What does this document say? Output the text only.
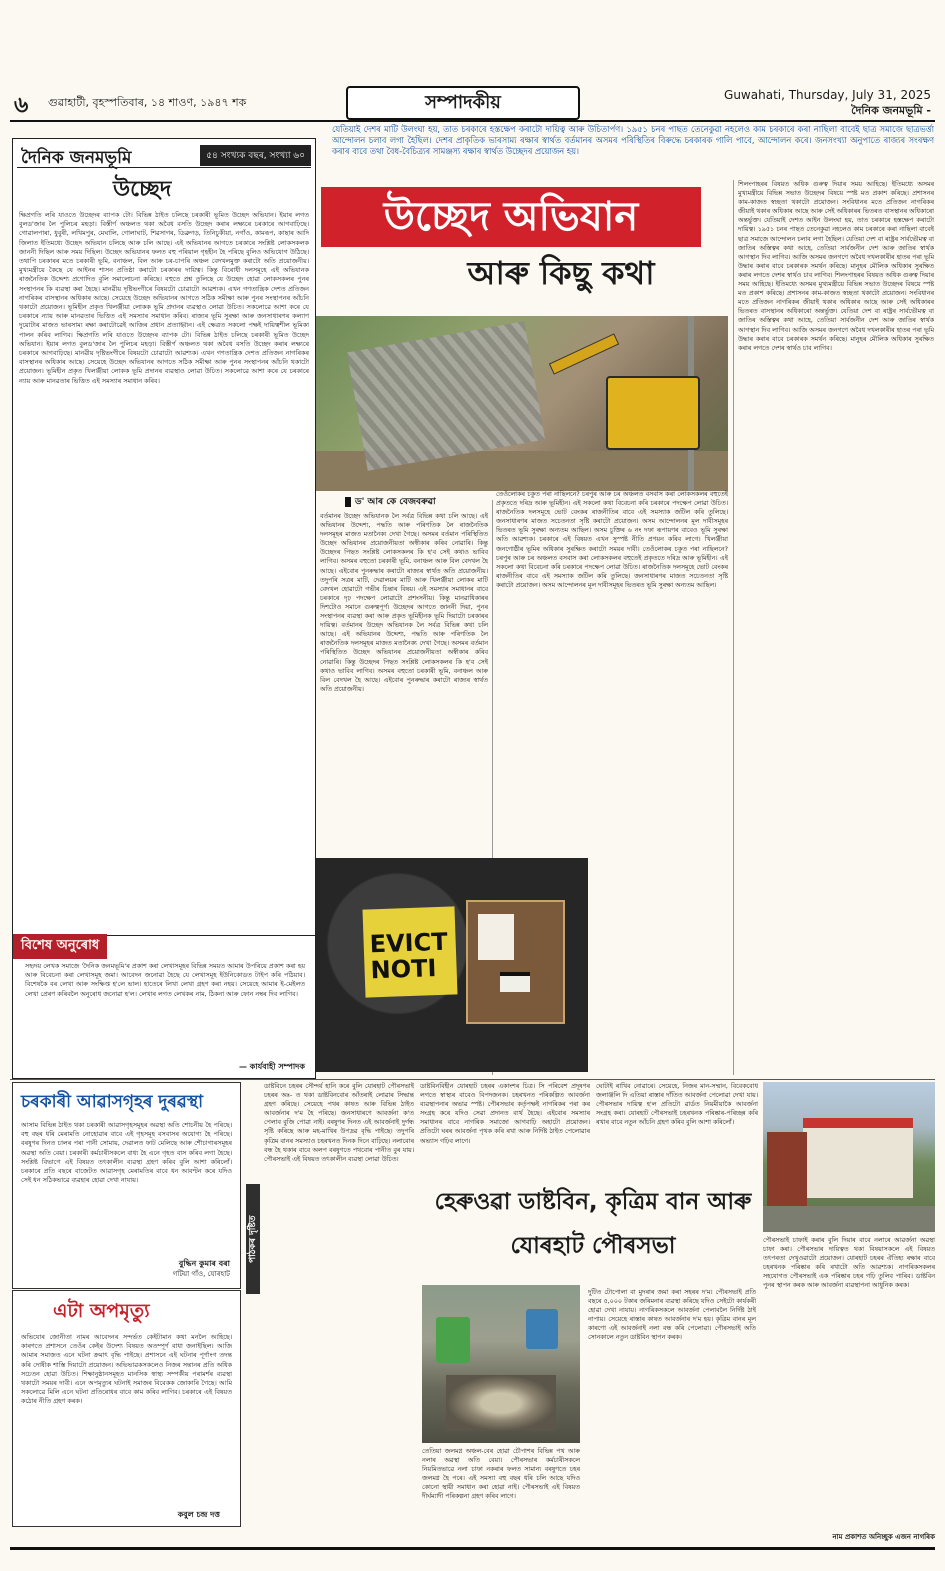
৬ গুৱাহাটী, বৃহস্পতিবাৰ, ১৪ শাওণ, ১৯৪৭ শক	সম্পাদকীয়	Guwahati, Thursday, July 31, 2025
দৈনিক জনমভূমি -
দৈনিক জনমভূমি	৫৪ সংখ্যক বছৰ, সংখ্যা ৬০
উচ্ছেদ
ক্ষিপ্ৰগতি লৰি যাওতে উচ্ছেদৰ ব্যাপক টো। বিভিন্ন ঠাইত চলিছে চৰকাৰী ভূমিত উচ্ছেদ অভিযান। ইয়াৰ লগত বুলড'জাৰ লৈ পুলিচৰ মহড়া। বিস্তীৰ্ণ অঞ্চলত থকা অবৈধ বসতি উচ্ছেদ কৰাৰ লক্ষ্যৰে চৰকাৰে আগবাঢ়িছে। গোৱালপাৰা, ধুবুৰী, লখিমপুৰ, মেঘালি, গোলাঘাট, শিৱসাগৰ, ডিব্ৰুগড়, তিনিচুকীয়া, নগাঁও, কামৰূপ, কাছাৰ আদি জিলাত ইতিমধ্যে উচ্ছেদ অভিযান চলিছে আৰু চলি আছে। এই অভিযানৰ আগতে চৰকাৰে সংশ্লিষ্ট লোকসকলক জাননী দিছিল আৰু সময় দিছিল। উচ্ছেদ অভিযানৰ ফলত বহু পৰিয়াল গৃহহীন হৈ পৰিছে বুলিও অভিযোগ উঠিছে। তথাপি চৰকাৰৰ মতে চৰকাৰী ভূমি, বনাঞ্চল, বিল আৰু চৰ-চাপৰি অঞ্চল বেদখলমুক্ত কৰাটো অতি প্ৰয়োজনীয়। মুখ্যমন্ত্ৰীয়ে কৈছে যে আইনৰ শাসন প্ৰতিষ্ঠা কৰাটো চৰকাৰৰ দায়িত্ব। কিন্তু বিৰোধী দলসমূহে এই অভিযানক ৰাজনৈতিক উদ্দেশ্য প্ৰণোদিত বুলি সমালোচনা কৰিছে। বহুতে প্ৰশ্ন তুলিছে যে উচ্ছেদ হোৱা লোকসকলৰ পুনৰ সংস্থাপনৰ কি ব্যৱস্থা কৰা হৈছে। মানৱীয় দৃষ্টিভংগীৰে বিষয়টো চোৱাটো আৱশ্যক। এখন গণতান্ত্ৰিক দেশত প্ৰতিজন নাগৰিকৰ বাসস্থানৰ অধিকাৰ আছে। সেয়েহে উচ্ছেদ অভিযানৰ আগতে সঠিক সমীক্ষা আৰু পুনৰ সংস্থাপনৰ আঁচনি থকাটো প্ৰয়োজন। ভূমিহীন প্ৰকৃত খিলঞ্জীয়া লোকক ভূমি প্ৰদানৰ ব্যৱস্থাও লোৱা উচিত। সকলোৱে আশা কৰে যে চৰকাৰে ন্যায় আৰু মানৱতাৰ ভিত্তিত এই সমস্যাৰ সমাধান কৰিব। ৰাজ্যৰ ভূমি সুৰক্ষা আৰু জনসাধাৰণৰ কল্যাণ দুয়োটাৰ মাজত ভাৰসাম্য ৰক্ষা কৰাটোৱেই আজিৰ প্ৰধান প্ৰত্যাহ্বান। এই ক্ষেত্ৰত সকলো পক্ষই দায়িত্বশীল ভূমিকা পালন কৰিব লাগিব। ক্ষিপ্ৰগতি লৰি যাওতে উচ্ছেদৰ ব্যাপক টো। বিভিন্ন ঠাইত চলিছে চৰকাৰী ভূমিত উচ্ছেদ অভিযান। ইয়াৰ লগত বুলড'জাৰ লৈ পুলিচৰ মহড়া। বিস্তীৰ্ণ অঞ্চলত থকা অবৈধ বসতি উচ্ছেদ কৰাৰ লক্ষ্যৰে চৰকাৰে আগবাঢ়িছে। মানৱীয় দৃষ্টিভংগীৰে বিষয়টো চোৱাটো আৱশ্যক। এখন গণতান্ত্ৰিক দেশত প্ৰতিজন নাগৰিকৰ বাসস্থানৰ অধিকাৰ আছে। সেয়েহে উচ্ছেদ অভিযানৰ আগতে সঠিক সমীক্ষা আৰু পুনৰ সংস্থাপনৰ আঁচনি থকাটো প্ৰয়োজন। ভূমিহীন প্ৰকৃত খিলঞ্জীয়া লোকক ভূমি প্ৰদানৰ ব্যৱস্থাও লোৱা উচিত। সকলোৱে আশা কৰে যে চৰকাৰে ন্যায় আৰু মানৱতাৰ ভিত্তিত এই সমস্যাৰ সমাধান কৰিব।
বিশেষ অনুৰোধ
সহৃদয় লেখক সমাজে 'দৈনিক জনমভূমি'ৰ প্ৰকাশ কৰা লেখাসমূহৰ বিভিন্ন সময়ত আমাৰ উপৰিয়ে প্ৰকাশ কৰা হয় আৰু বিবেচনা কৰা লেখাসমূহ জমা। আবেদন জনোৱা হৈছে যে লেখাসমূহ ইউনিকোডত টাইপ কৰি পঠিয়াব। বিশেষকৈ বৰ লেখা আৰু সংক্ষিপ্ত হ'লে ভাল। হাতেৰে লিখা লেখা গ্ৰহণ কৰা নহয়। সেয়েহে আমাৰ ই-মেইলত লেখা প্ৰেৰণ কৰিবলৈ অনুৰোধ জনোৱা হ'ল। লেখাৰ লগত লেখকৰ নাম, ঠিকনা আৰু ফোন নম্বৰ দিব লাগিব।
— কাৰ্যবাহী সম্পাদক
যেতিয়াই দেশৰ মাটি উলংঘা হয়, তাত চৰকাৰে হস্তক্ষেপ কৰাটো দায়িত্ব আৰু উচিতাৰ্পণ। ১৯৫১ চনৰ পাছত তেনেকুৱা নহলেও কাম চৰকাৰে কৰা নাছিলা বাবেই ছাত্ৰ সমাজে ছাত্ৰভৰ্ত্তা আন্দোলন চলাব লগা হৈছিল। দেশৰ প্ৰাকৃতিক ভাৰসাম্য ৰক্ষাৰ স্বাৰ্থত বৰ্তমানৰ অসমৰ পৰিস্থিতিৰ বিৰুদ্ধে চৰকাৰক গালি পাবে, আন্দোলন কৰে। জনসংখ্যা অনুপাতে ৰাজ্যৰ সংৰক্ষণ কৰাৰ বাবে তথা বৈধ-বৈচিত্ৰ্যৰ সামঞ্জস্য ৰক্ষাৰ স্বাৰ্থত উচ্ছেদৰ প্ৰয়োজন হয়।
উচ্ছেদ অভিযান
আৰু কিছু কথা
ড' আৰ কে বেজবৰুৱা
বৰ্তমানৰ উচ্ছেদ অভিযানক লৈ সৰ্বত্ৰ বিভিন্ন কথা চলি আছে। এই অভিযানৰ উদ্দেশ্য, পদ্ধতি আৰু পৰিণতিক লৈ ৰাজনৈতিক দলসমূহৰ মাজত মতানৈক্য দেখা গৈছে। অসমৰ বৰ্তমান পৰিস্থিতিত উচ্ছেদ অভিযানৰ প্ৰয়োজনীয়তা অস্বীকাৰ কৰিব নোৱাৰি। কিন্তু উচ্ছেদৰ পিছত সংশ্লিষ্ট লোকসকলৰ কি হ'ব সেই কথাও ভাবিব লাগিব। অসমৰ বহুতো চৰকাৰী ভূমি, বনাঞ্চল আৰু বিল বেদখল হৈ আছে। এইবোৰ পুনৰুদ্ধাৰ কৰাটো ৰাজ্যৰ স্বাৰ্থত অতি প্ৰয়োজনীয়। তদুপৰি সত্ৰৰ মাটি, দেৱালয়ৰ মাটি আৰু খিলঞ্জীয়া লোকৰ মাটি বেদখল হোৱাটো গভীৰ চিন্তাৰ বিষয়। এই সমস্যাৰ সমাধানৰ বাবে চৰকাৰে দৃঢ় পদক্ষেপ লোৱাটো প্ৰশংসনীয়। কিন্তু মানৱাধিকাৰৰ দিশটোও সমানে গুৰুত্বপূৰ্ণ। উচ্ছেদৰ আগতে জাননী দিয়া, পুনৰ সংস্থাপনৰ ব্যৱস্থা কৰা আৰু প্ৰকৃত ভূমিহীনক ভূমি দিয়াটো চৰকাৰৰ দায়িত্ব। বৰ্তমানৰ উচ্ছেদ অভিযানক লৈ সৰ্বত্ৰ বিভিন্ন কথা চলি আছে। এই অভিযানৰ উদ্দেশ্য, পদ্ধতি আৰু পৰিণতিক লৈ ৰাজনৈতিক দলসমূহৰ মাজত মতানৈক্য দেখা গৈছে। অসমৰ বৰ্তমান পৰিস্থিতিত উচ্ছেদ অভিযানৰ প্ৰয়োজনীয়তা অস্বীকাৰ কৰিব নোৱাৰি। কিন্তু উচ্ছেদৰ পিছত সংশ্লিষ্ট লোকসকলৰ কি হ'ব সেই কথাও ভাবিব লাগিব। অসমৰ বহুতো চৰকাৰী ভূমি, বনাঞ্চল আৰু বিল বেদখল হৈ আছে। এইবোৰ পুনৰুদ্ধাৰ কৰাটো ৰাজ্যৰ স্বাৰ্থত অতি প্ৰয়োজনীয়।
তেওঁলোকৰ চকুত পৰা নাছিলনে? চৰপুৰ আৰু চৰ অঞ্চলত বসবাস কৰা লোকসকলৰ বহুতেই প্ৰকৃততে দৰিদ্ৰ আৰু ভূমিহীন। এই সকলো কথা বিবেচনা কৰি চৰকাৰে পদক্ষেপ লোৱা উচিত। ৰাজনৈতিক দলসমূহে ভোট বেংকৰ ৰাজনীতিৰ বাবে এই সমস্যাক জটিল কৰি তুলিছে। জনসাধাৰণৰ মাজত সচেতনতা সৃষ্টি কৰাটো প্ৰয়োজন। অসম আন্দোলনৰ মূল দাবীসমূহৰ ভিতৰত ভূমি সুৰক্ষা অন্যতম আছিল। অসম চুক্তিৰ ৬ নং দফা ৰূপায়ণৰ বাবেও ভূমি সুৰক্ষা অতি আৱশ্যক। চৰকাৰে এই বিষয়ত এখন সুস্পষ্ট নীতি প্ৰণয়ন কৰিব লাগে। খিলঞ্জীয়া জনগোষ্ঠীৰ ভূমিৰ অধিকাৰ সুৰক্ষিত কৰাটো সময়ৰ দাবী। তেওঁলোকৰ চকুত পৰা নাছিলনে? চৰপুৰ আৰু চৰ অঞ্চলত বসবাস কৰা লোকসকলৰ বহুতেই প্ৰকৃততে দৰিদ্ৰ আৰু ভূমিহীন। এই সকলো কথা বিবেচনা কৰি চৰকাৰে পদক্ষেপ লোৱা উচিত। ৰাজনৈতিক দলসমূহে ভোট বেংকৰ ৰাজনীতিৰ বাবে এই সমস্যাক জটিল কৰি তুলিছে। জনসাধাৰণৰ মাজত সচেতনতা সৃষ্টি কৰাটো প্ৰয়োজন। অসম আন্দোলনৰ মূল দাবীসমূহৰ ভিতৰত ভূমি সুৰক্ষা অন্যতম আছিল।
শিলংপাহৰৰ বিষয়ত অধিক গুৰুত্ব দিয়াৰ সময় আহিছে। ইতিমধ্যে অসমৰ মুখ্যমন্ত্ৰীয়ে বিভিন্ন সভাত উচ্ছেদৰ বিষয়ে স্পষ্ট মত প্ৰকাশ কৰিছে। প্ৰশাসনৰ কাম-কাজত স্বচ্ছতা থকাটো প্ৰয়োজন। সংবিধানৰ মতে প্ৰতিজন নাগৰিকৰ জীয়াই থকাৰ অধিকাৰ আছে আৰু সেই অধিকাৰৰ ভিতৰত বাসস্থানৰ অধিকাৰো অন্তৰ্ভুক্ত। যেতিয়াই দেশত আইন উলংঘা হয়, তাত চৰকাৰে হস্তক্ষেপ কৰাটো দায়িত্ব। ১৯৫১ চনৰ পাছত তেনেকুৱা নহলেও কাম চৰকাৰে কৰা নাছিলা বাবেই ছাত্ৰ সমাজে আন্দোলন চলাব লগা হৈছিল। যেতিয়া দেশ বা ৰাষ্ট্ৰৰ সাৰ্বভৌমত্ব বা জাতিৰ অস্তিত্বৰ কথা আহে, তেতিয়া সাৰ্বজনীন দেশ আৰু জাতিৰ স্বাৰ্থক আগস্থান দিব লাগিব। আজি অসমৰ জনগণে অবৈধ দখলকাৰীৰ হাতৰ পৰা ভূমি উদ্ধাৰ কৰাৰ বাবে চৰকাৰক সমৰ্থন কৰিছে। মানুহৰ মৌলিক অধিকাৰ সুৰক্ষিত কৰাৰ লগতে দেশৰ স্বাৰ্থও চাব লাগিব। শিলংপাহৰৰ বিষয়ত অধিক গুৰুত্ব দিয়াৰ সময় আহিছে। ইতিমধ্যে অসমৰ মুখ্যমন্ত্ৰীয়ে বিভিন্ন সভাত উচ্ছেদৰ বিষয়ে স্পষ্ট মত প্ৰকাশ কৰিছে। প্ৰশাসনৰ কাম-কাজত স্বচ্ছতা থকাটো প্ৰয়োজন। সংবিধানৰ মতে প্ৰতিজন নাগৰিকৰ জীয়াই থকাৰ অধিকাৰ আছে আৰু সেই অধিকাৰৰ ভিতৰত বাসস্থানৰ অধিকাৰো অন্তৰ্ভুক্ত। যেতিয়া দেশ বা ৰাষ্ট্ৰৰ সাৰ্বভৌমত্ব বা জাতিৰ অস্তিত্বৰ কথা আহে, তেতিয়া সাৰ্বজনীন দেশ আৰু জাতিৰ স্বাৰ্থক আগস্থান দিব লাগিব। আজি অসমৰ জনগণে অবৈধ দখলকাৰীৰ হাতৰ পৰা ভূমি উদ্ধাৰ কৰাৰ বাবে চৰকাৰক সমৰ্থন কৰিছে। মানুহৰ মৌলিক অধিকাৰ সুৰক্ষিত কৰাৰ লগতে দেশৰ স্বাৰ্থও চাব লাগিব।
EVICT NOTI
চৰকাৰী আৱাসগৃহৰ দুৰৱস্থা
আসাম বিভিন্ন ঠাইত থকা চৰকাৰী আৱাসগৃহসমূহৰ অৱস্থা অতি শোচনীয় হৈ পৰিছে। বহু বছৰ ধৰি মেৰামতি নোহোৱাৰ বাবে এই গৃহসমূহ বসবাসৰ অযোগ্য হৈ পৰিছে। বৰষুণৰ দিনত চালৰ পৰা পানী সোমায়, দেৱালত ফাট মেলিছে আৰু শৌচাগাৰসমূহৰ অৱস্থা অতি বেয়া। চৰকাৰী কৰ্মচাৰীসকলে বাধ্য হৈ এনে গৃহত বাস কৰিব লগা হৈছে। সংশ্লিষ্ট বিভাগে এই বিষয়ত তৎকালীন ব্যৱস্থা গ্ৰহণ কৰিব বুলি আশা কৰিলোঁ। চৰকাৰে প্ৰতি বছৰে বাজেটত আৱাসগৃহ মেৰামতিৰ বাবে ধন আবণ্টন কৰে যদিও সেই ধন সঠিকভাৱে ব্যৱহাৰ হোৱা দেখা নাযায়।
বুদ্ধিন কুমাৰ বৰা
গটিয়া গাঁও, যোৰহাট
এটা অপমৃত্যু
অভিযোৰ জোনীতা নামৰ আবেদনৰ সন্দৰ্ভত কেইটামান কথা মনলৈ আহিছে। কাৰণতে প্ৰশাসনে তেওঁৰ কেইৰ উদেশ্য বিষয়ত অতম্পূৰ্ণ বাধা জনাইছিল। আজি আমাৰ সমাজত এনে ঘটনা ক্ৰমাৎ বৃদ্ধি পাইছে। প্ৰশাসনে এই ঘটনাৰ পূৰ্ণাংগ তদন্ত কৰি দোষীক শাস্তি দিয়াটো প্ৰয়োজন। অভিভাৱকসকলেও নিজৰ সন্তানৰ প্ৰতি অধিক সচেতন হোৱা উচিত। শিক্ষানুষ্ঠানসমূহত মানসিক স্বাস্থ্য সম্পৰ্কীয় পৰামৰ্শৰ ব্যৱস্থা থকাটো সময়ৰ দাবী। এনে অপমৃত্যুৰ ঘটনাই সমাজৰ বিবেকক জোকাৰি গৈছে। আমি সকলোৱে মিলি এনে ঘটনা প্ৰতিৰোধৰ বাবে কাম কৰিব লাগিব। চৰকাৰে এই বিষয়ত কঠোৰ নীতি গ্ৰহণ কৰক।
কবুল চন্দ্ৰ দত্ত
পাঠকৰ দৃষ্টিত
ডাষ্টবিনে চহৰৰ সৌন্দৰ্য হানি কৰে বুলি যোৰহাট পৌৰসভাই চহৰৰ অঃ- ত থকা ডাষ্টবিনবোৰ আঁতৰাই লোৱাৰ সিদ্ধান্ত গ্ৰহণ কৰিছে। সেয়েহে পথৰ কাষত আৰু বিভিন্ন ঠাইত আবৰ্জনাৰ দ'ম হৈ পৰিছে। জনসাধাৰণে আবৰ্জনা ক'ত পেলাব বুজি পোৱা নাই। বৰষুণৰ দিনত এই আবৰ্জনাই দুৰ্গন্ধ সৃষ্টি কৰিছে আৰু মহ-মাখিৰ উপদ্ৰৱ বৃদ্ধি পাইছে। তদুপৰি কৃত্ৰিম বানৰ সমস্যাও চহৰখনত দিনক দিনে বাঢ়িছে। নলাবোৰ বন্ধ হৈ থকাৰ বাবে অলপ বৰষুণতে পথবোৰ পানীত বুৰ যায়। পৌৰসভাই এই বিষয়ত তৎকালীন ব্যৱস্থা লোৱা উচিত।
ডাষ্টবিনবিহীন যোৰহাট চহৰৰ একাংশৰ চিত্ৰ। সি পৰিবেশ প্ৰদূষণৰ লগতে স্বাস্থ্যৰ বাবেও বিপদজনক। চহৰখনত পৰিকল্পিত আবৰ্জনা ব্যৱস্থাপনাৰ অভাৱ স্পষ্ট। পৌৰসভাৰ কৰ্তৃপক্ষই নাগৰিকৰ পৰা কৰ সংগ্ৰহ কৰে যদিও সেৱা প্ৰদানত ব্যৰ্থ হৈছে। এইবোৰ সমস্যাৰ সমাধানৰ বাবে নাগৰিক সমাজো আগবাঢ়ি অহাটো প্ৰয়োজন। প্ৰতিটো ঘৰৰ আবৰ্জনা পৃথক কৰি ৰখা আৰু নিৰ্দিষ্ট ঠাইত পেলোৱাৰ অভ্যাস গঢ়িব লাগে।
ঘোটাই ৰাখিব নোৱাৰে। সেয়েহে, নিজৰ মান-সম্মান, বিবেকবোধ জলাঞ্জলি দি এতিয়া ৰাস্তাৰ দাঁতিত আবৰ্জনা পেলোৱা দেখা যায়। পৌৰসভাৰ দায়িত্ব হ'ল প্ৰতিটো ৱাৰ্ডত নিয়মীয়াকৈ আবৰ্জনা সংগ্ৰহ কৰা। যোৰহাট পৌৰসভাই চহৰখনক পৰিষ্কাৰ-পৰিচ্ছন্ন কৰি ৰখাৰ বাবে নতুন আঁচনি গ্ৰহণ কৰিব বুলি আশা কৰিলোঁ।
হেৰুওৱা ডাষ্টবিন, কৃত্ৰিম বান আৰু যোৰহাট পৌৰসভা
তেতিয়া জলমগ্ন অঞ্চল-বেৰ হোৱা চৌপাশৰ বিভিন্ন পথ আৰু নলাৰ অৱস্থা অতি বেয়া। পৌৰসভাৰ কৰ্মচাৰীসকলে নিয়মিতভাৱে নলা চাফা নকৰাৰ ফলত সামান্য বৰষুণতে চহৰ জলমগ্ন হৈ পৰে। এই সমস্যা বহু বছৰ ধৰি চলি আছে যদিও কোনো স্থায়ী সমাধান কৰা হোৱা নাই। পৌৰসভাই এই বিষয়ত দীৰ্ঘম্যাদী পৰিকল্পনা গ্ৰহণ কৰিব লাগে।
দুটিত টোপোলা বা মুদৰাৰ জমা কৰা সহৰৰ দ'ম। পৌৰসভাই প্ৰতি বছৰে ৫,০০০ টকাৰ জৰিমনাৰ ব্যৱস্থা কৰিছে যদিও সেইটো কাৰ্যকৰী হোৱা দেখা নাযায়। নাগৰিকসকলে আবৰ্জনা পেলাবলৈ নিৰ্দিষ্ট ঠাই নাপায়। সেয়েহে ৰাস্তাৰ কাষত আবৰ্জনাৰ দ'ম হয়। কৃত্ৰিম বানৰ মূল কাৰণো এই আবৰ্জনাই নলা বন্ধ কৰি পেলোৱা। পৌৰসভাই অতি সোনকালে নতুন ডাষ্টবিন স্থাপন কৰক।
পৌৰসভাই চাফাই কৰাৰ বুলি দিয়াৰ বাবে নলাৰে আৱৰ্জনা অৱস্থা চাফা কৰা। পৌৰসভাৰ দায়িত্বত থকা বিষয়াসকলে এই বিষয়ত তৎপৰতা দেখুওৱাটো প্ৰয়োজন। যোৰহাট চহৰৰ ঐতিহ্য ৰক্ষাৰ বাবে চহৰখনক পৰিষ্কাৰ কৰি ৰখাটো অতি আৱশ্যক। নাগৰিকসকলৰ সহযোগত পৌৰসভাই এক পৰিষ্কাৰ চহৰ গঢ়ি তুলিব পাৰিব। ডাষ্টবিন পুনৰ স্থাপন কৰক আৰু আবৰ্জনা ব্যৱস্থাপনা আধুনিক কৰক।
নাম প্ৰকাশত অনিচ্ছুক এজন নাগৰিক
